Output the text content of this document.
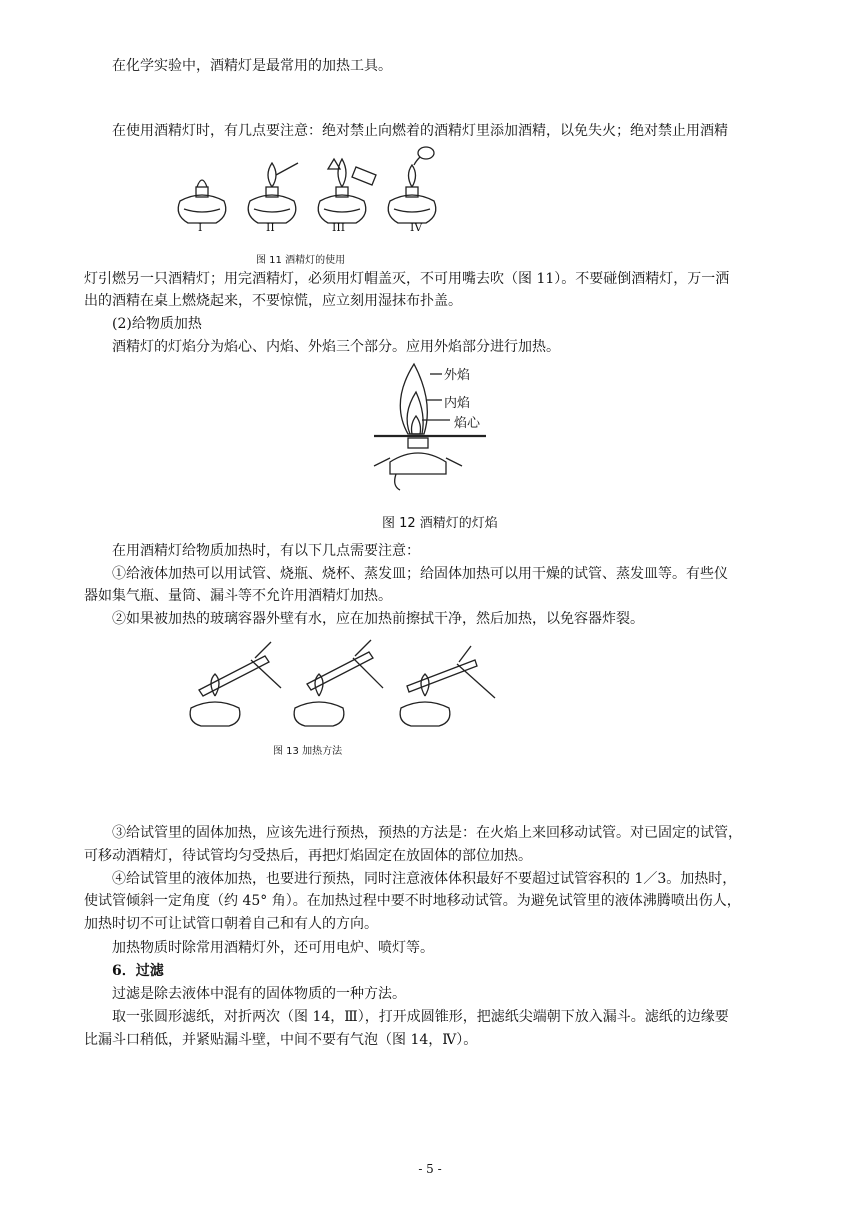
在化学实验中，酒精灯是最常用的加热工具。

在使用酒精灯时，有几点要注意：绝对禁止向燃着的酒精灯里添加酒精，以免失火；绝对禁止用酒精

I	II	III	IV
图 11 酒精灯的使用

灯引燃另一只酒精灯；用完酒精灯，必须用灯帽盖灭，不可用嘴去吹（图 11）。不要碰倒酒精灯，万一洒

出的酒精在桌上燃烧起来，不要惊慌，应立刻用湿抹布扑盖。

(2)给物质加热

酒精灯的灯焰分为焰心、内焰、外焰三个部分。应用外焰部分进行加热。

外焰
内焰
焰心
图 12 酒精灯的灯焰

在用酒精灯给物质加热时，有以下几点需要注意：

①给液体加热可以用试管、烧瓶、烧杯、蒸发皿；给固体加热可以用干燥的试管、蒸发皿等。有些仪

器如集气瓶、量筒、漏斗等不允许用酒精灯加热。

②如果被加热的玻璃容器外壁有水，应在加热前擦拭干净，然后加热，以免容器炸裂。

图 13 加热方法

③给试管里的固体加热，应该先进行预热，预热的方法是：在火焰上来回移动试管。对已固定的试管，

可移动酒精灯，待试管均匀受热后，再把灯焰固定在放固体的部位加热。

④给试管里的液体加热，也要进行预热，同时注意液体体积最好不要超过试管容积的 1／3。加热时，

使试管倾斜一定角度（约 45° 角）。在加热过程中要不时地移动试管。为避免试管里的液体沸腾喷出伤人，

加热时切不可让试管口朝着自己和有人的方向。

加热物质时除常用酒精灯外，还可用电炉、喷灯等。

6．过滤

过滤是除去液体中混有的固体物质的一种方法。

取一张圆形滤纸，对折两次（图 14，Ⅲ），打开成圆锥形，把滤纸尖端朝下放入漏斗。滤纸的边缘要

比漏斗口稍低，并紧贴漏斗壁，中间不要有气泡（图 14，Ⅳ）。

- 5 -
